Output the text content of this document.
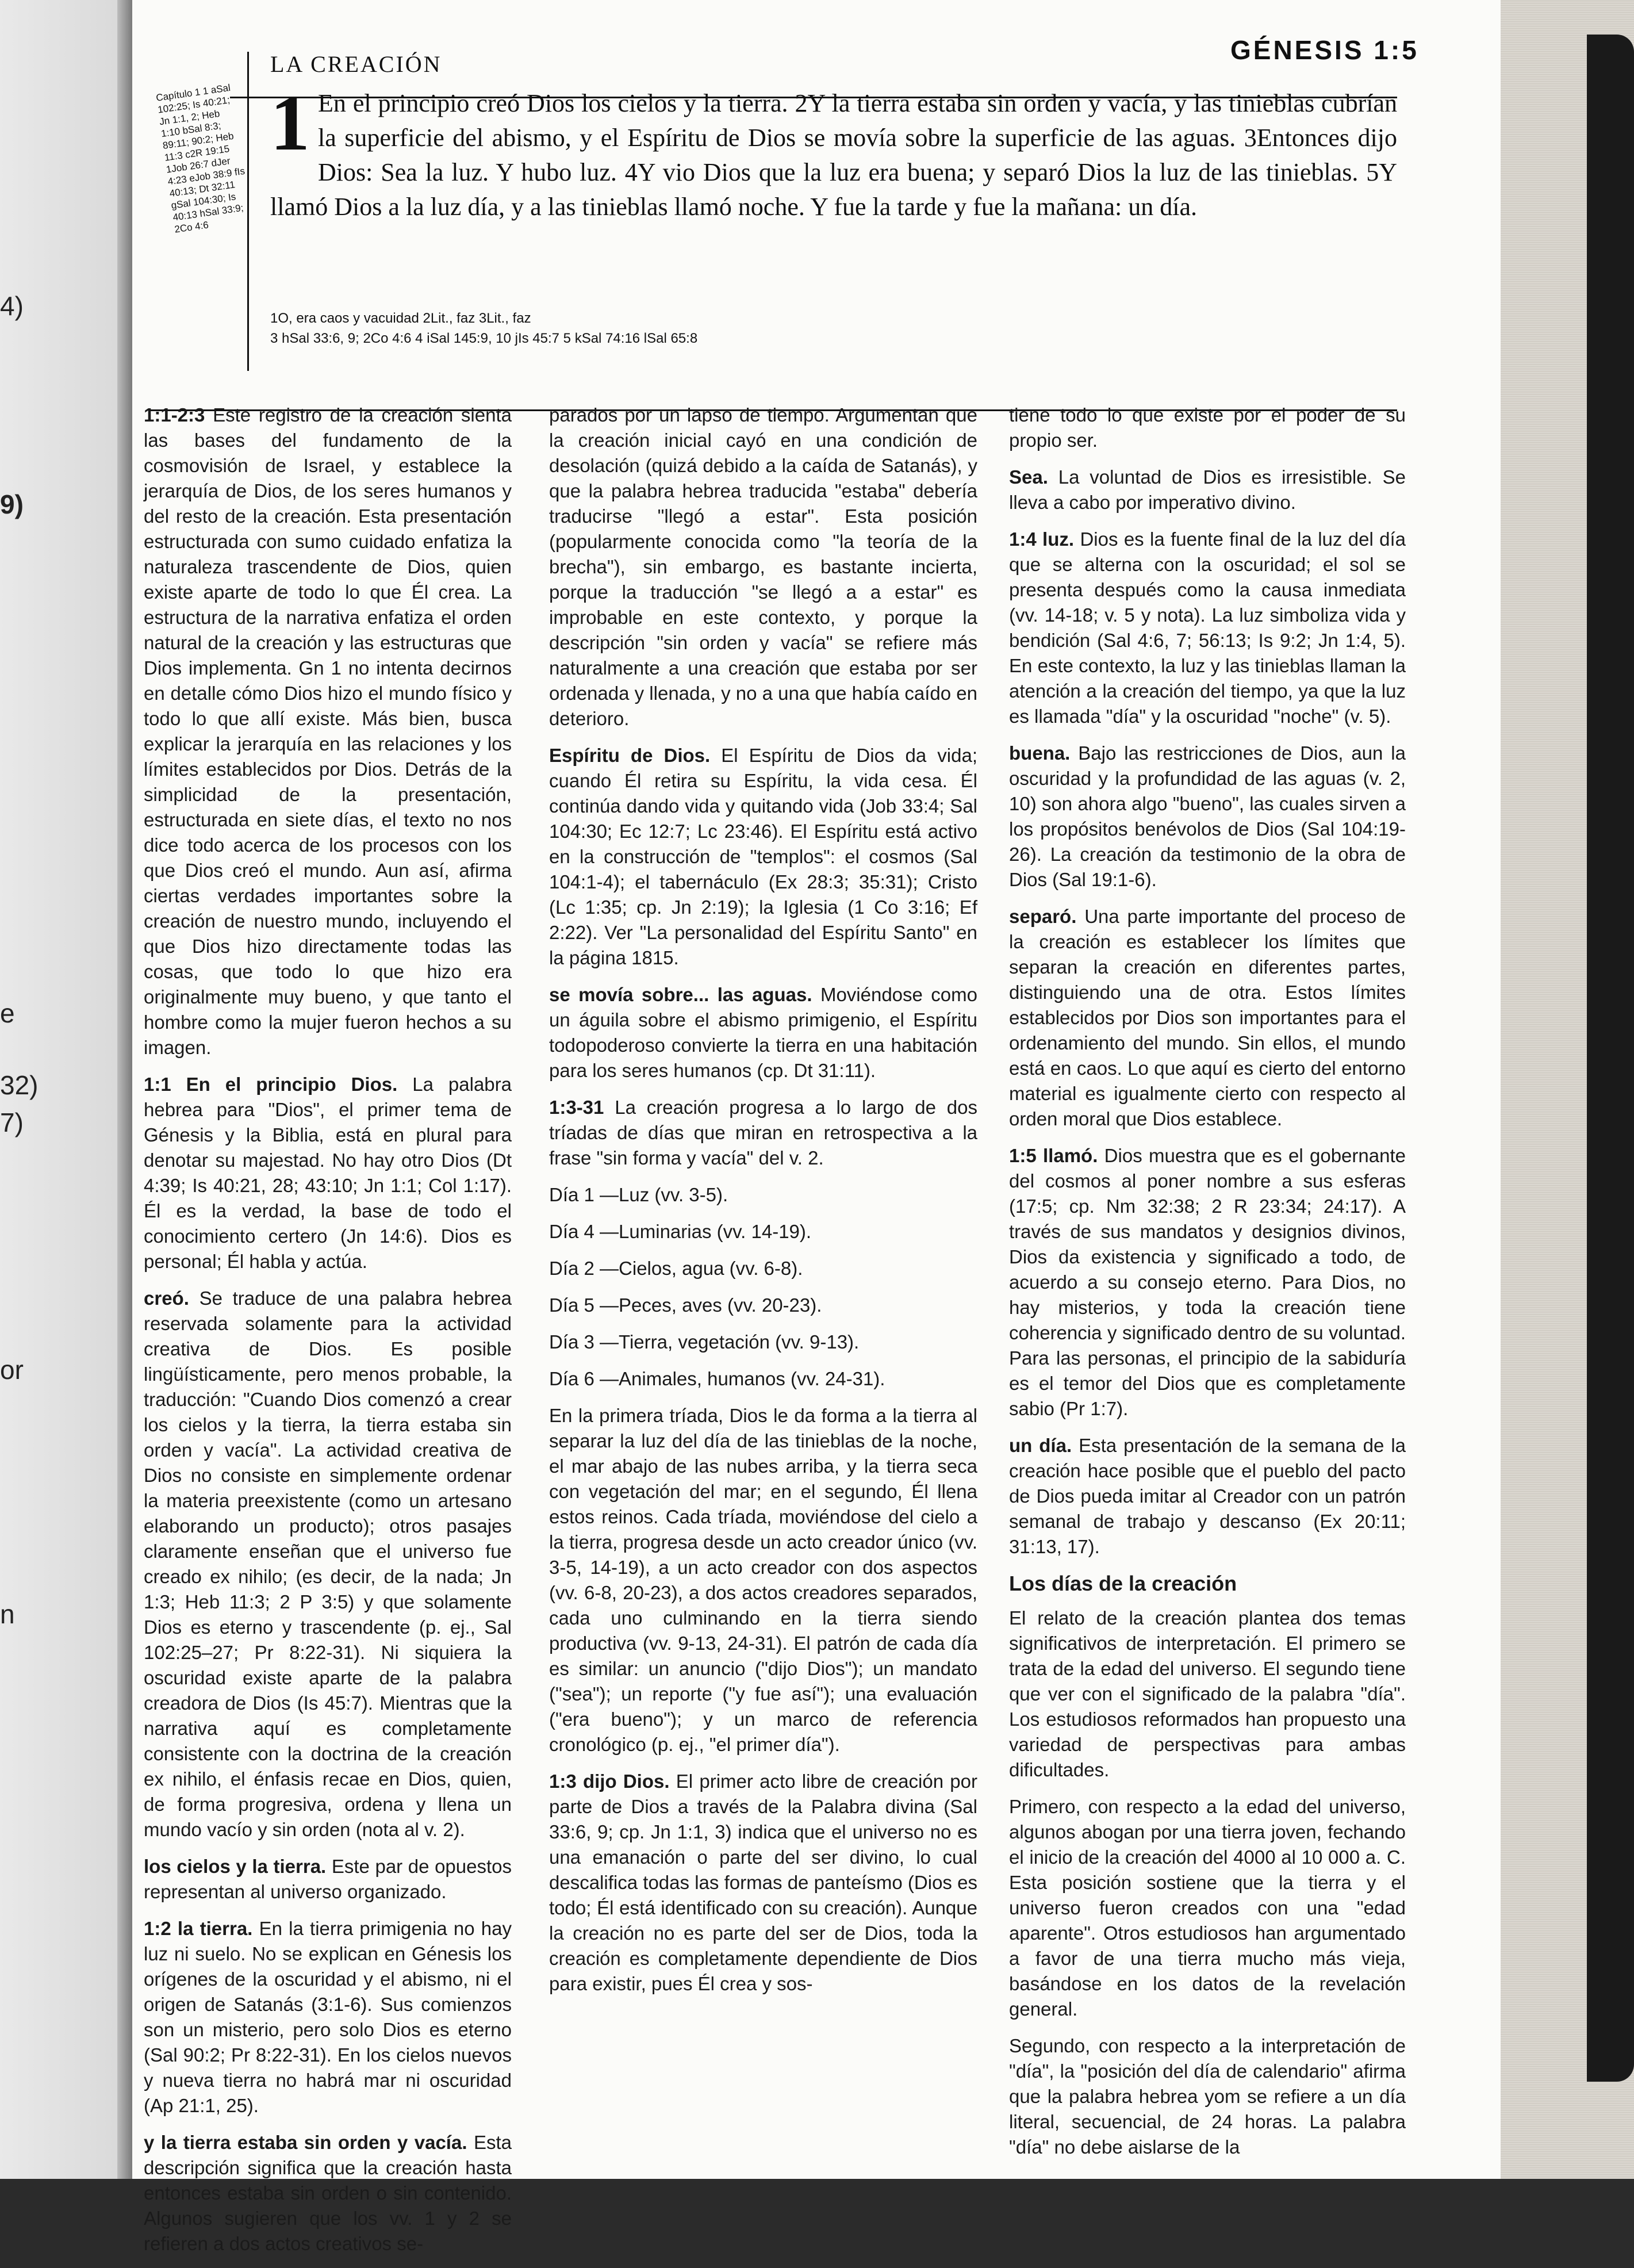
4)
9)
7)
32)
or
n
e
GÉNESIS 1:5
Capítulo 1 1 aSal 102:25; Is 40:21; Jn 1:1, 2; Heb 1:10 bSal 8:3; 89:11; 90:2; Heb 11:3 c2R 19:15 1Job 26:7 dJer 4:23 eJob 38:9 fIs 40:13; Dt 32:11 gSal 104:30; Is 40:13 hSal 33:9; 2Co 4:6
LA CREACIÓN
1 En el principio creó Dios los cielos y la tierra. 2Y la tierra estaba sin orden y vacía, y las tinieblas cubrían la superficie del abismo, y el Espíritu de Dios se movía sobre la superficie de las aguas. 3Entonces dijo Dios: Sea la luz. Y hubo luz. 4Y vio Dios que la luz era buena; y separó Dios la luz de las tinieblas. 5Y llamó Dios a la luz día, y a las tinieblas llamó noche. Y fue la tarde y fue la mañana: un día.
1O, era caos y vacuidad 2Lit., faz 3Lit., faz
3 hSal 33:6, 9; 2Co 4:6 4 iSal 145:9, 10 jIs 45:7 5 kSal 74:16 lSal 65:8

1:1-2:3 Este registro de la creación sienta las bases del fundamento de la cosmovisión de Israel, y establece la jerarquía de Dios, de los seres humanos y del resto de la creación. Esta presentación estructurada con sumo cuidado enfatiza la naturaleza trascendente de Dios, quien existe aparte de todo lo que Él crea. La estructura de la narrativa enfatiza el orden natural de la creación y las estructuras que Dios implementa. Gn 1 no intenta decirnos en detalle cómo Dios hizo el mundo físico y todo lo que allí existe. Más bien, busca explicar la jerarquía en las relaciones y los límites establecidos por Dios. Detrás de la simplicidad de la presentación, estructurada en siete días, el texto no nos dice todo acerca de los procesos con los que Dios creó el mundo. Aun así, afirma ciertas verdades importantes sobre la creación de nuestro mundo, incluyendo el que Dios hizo directamente todas las cosas, que todo lo que hizo era originalmente muy bueno, y que tanto el hombre como la mujer fueron hechos a su imagen.

1:1 En el principio Dios. La palabra hebrea para "Dios", el primer tema de Génesis y la Biblia, está en plural para denotar su majestad. No hay otro Dios (Dt 4:39; Is 40:21, 28; 43:10; Jn 1:1; Col 1:17). Él es la verdad, la base de todo el conocimiento certero (Jn 14:6). Dios es personal; Él habla y actúa.

creó. Se traduce de una palabra hebrea reservada solamente para la actividad creativa de Dios. Es posible lingüísticamente, pero menos probable, la traducción: "Cuando Dios comenzó a crear los cielos y la tierra, la tierra estaba sin orden y vacía". La actividad creativa de Dios no consiste en simplemente ordenar la materia preexistente (como un artesano elaborando un producto); otros pasajes claramente enseñan que el universo fue creado ex nihilo; (es decir, de la nada; Jn 1:3; Heb 11:3; 2 P 3:5) y que solamente Dios es eterno y trascendente (p. ej., Sal 102:25–27; Pr 8:22-31). Ni siquiera la oscuridad existe aparte de la palabra creadora de Dios (Is 45:7). Mientras que la narrativa aquí es completamente consistente con la doctrina de la creación ex nihilo, el énfasis recae en Dios, quien, de forma progresiva, ordena y llena un mundo vacío y sin orden (nota al v. 2).

los cielos y la tierra. Este par de opuestos representan al universo organizado.

1:2 la tierra. En la tierra primigenia no hay luz ni suelo. No se explican en Génesis los orígenes de la oscuridad y el abismo, ni el origen de Satanás (3:1-6). Sus comienzos son un misterio, pero solo Dios es eterno (Sal 90:2; Pr 8:22-31). En los cielos nuevos y nueva tierra no habrá mar ni oscuridad (Ap 21:1, 25).

y la tierra estaba sin orden y vacía. Esta descripción significa que la creación hasta entonces estaba sin orden o sin contenido. Algunos sugieren que los vv. 1 y 2 se refieren a dos actos creativos se-

parados por un lapso de tiempo. Argumentan que la creación inicial cayó en una condición de desolación (quizá debido a la caída de Satanás), y que la palabra hebrea traducida "estaba" debería traducirse "llegó a estar". Esta posición (popularmente conocida como "la teoría de la brecha"), sin embargo, es bastante incierta, porque la traducción "se llegó a a estar" es improbable en este contexto, y porque la descripción "sin orden y vacía" se refiere más naturalmente a una creación que estaba por ser ordenada y llenada, y no a una que había caído en deterioro.

Espíritu de Dios. El Espíritu de Dios da vida; cuando Él retira su Espíritu, la vida cesa. Él continúa dando vida y quitando vida (Job 33:4; Sal 104:30; Ec 12:7; Lc 23:46). El Espíritu está activo en la construcción de "templos": el cosmos (Sal 104:1-4); el tabernáculo (Ex 28:3; 35:31); Cristo (Lc 1:35; cp. Jn 2:19); la Iglesia (1 Co 3:16; Ef 2:22). Ver "La personalidad del Espíritu Santo" en la página 1815.

se movía sobre... las aguas. Moviéndose como un águila sobre el abismo primigenio, el Espíritu todopoderoso convierte la tierra en una habitación para los seres humanos (cp. Dt 31:11).

1:3-31 La creación progresa a lo largo de dos tríadas de días que miran en retrospectiva a la frase "sin forma y vacía" del v. 2.

Día 1 —Luz (vv. 3-5).

Día 4 —Luminarias (vv. 14-19).

Día 2 —Cielos, agua (vv. 6-8).

Día 5 —Peces, aves (vv. 20-23).

Día 3 —Tierra, vegetación (vv. 9-13).

Día 6 —Animales, humanos (vv. 24-31).

En la primera tríada, Dios le da forma a la tierra al separar la luz del día de las tinieblas de la noche, el mar abajo de las nubes arriba, y la tierra seca con vegetación del mar; en el segundo, Él llena estos reinos. Cada tríada, moviéndose del cielo a la tierra, progresa desde un acto creador único (vv. 3-5, 14-19), a un acto creador con dos aspectos (vv. 6-8, 20-23), a dos actos creadores separados, cada uno culminando en la tierra siendo productiva (vv. 9-13, 24-31). El patrón de cada día es similar: un anuncio ("dijo Dios"); un mandato ("sea"); un reporte ("y fue así"); una evaluación ("era bueno"); y un marco de referencia cronológico (p. ej., "el primer día").

1:3 dijo Dios. El primer acto libre de creación por parte de Dios a través de la Palabra divina (Sal 33:6, 9; cp. Jn 1:1, 3) indica que el universo no es una emanación o parte del ser divino, lo cual descalifica todas las formas de panteísmo (Dios es todo; Él está identificado con su creación). Aunque la creación no es parte del ser de Dios, toda la creación es completamente dependiente de Dios para existir, pues Él crea y sos-

tiene todo lo que existe por el poder de su propio ser.

Sea. La voluntad de Dios es irresistible. Se lleva a cabo por imperativo divino.

1:4 luz. Dios es la fuente final de la luz del día que se alterna con la oscuridad; el sol se presenta después como la causa inmediata (vv. 14-18; v. 5 y nota). La luz simboliza vida y bendición (Sal 4:6, 7; 56:13; Is 9:2; Jn 1:4, 5). En este contexto, la luz y las tinieblas llaman la atención a la creación del tiempo, ya que la luz es llamada "día" y la oscuridad "noche" (v. 5).

buena. Bajo las restricciones de Dios, aun la oscuridad y la profundidad de las aguas (v. 2, 10) son ahora algo "bueno", las cuales sirven a los propósitos benévolos de Dios (Sal 104:19-26). La creación da testimonio de la obra de Dios (Sal 19:1-6).

separó. Una parte importante del proceso de la creación es establecer los límites que separan la creación en diferentes partes, distinguiendo una de otra. Estos límites establecidos por Dios son importantes para el ordenamiento del mundo. Sin ellos, el mundo está en caos. Lo que aquí es cierto del entorno material es igualmente cierto con respecto al orden moral que Dios establece.

1:5 llamó. Dios muestra que es el gobernante del cosmos al poner nombre a sus esferas (17:5; cp. Nm 32:38; 2 R 23:34; 24:17). A través de sus mandatos y designios divinos, Dios da existencia y significado a todo, de acuerdo a su consejo eterno. Para Dios, no hay misterios, y toda la creación tiene coherencia y significado dentro de su voluntad. Para las personas, el principio de la sabiduría es el temor del Dios que es completamente sabio (Pr 1:7).

un día. Esta presentación de la semana de la creación hace posible que el pueblo del pacto de Dios pueda imitar al Creador con un patrón semanal de trabajo y descanso (Ex 20:11; 31:13, 17).

Los días de la creación

El relato de la creación plantea dos temas significativos de interpretación. El primero se trata de la edad del universo. El segundo tiene que ver con el significado de la palabra "día". Los estudiosos reformados han propuesto una variedad de perspectivas para ambas dificultades.

Primero, con respecto a la edad del universo, algunos abogan por una tierra joven, fechando el inicio de la creación del 4000 al 10 000 a. C. Esta posición sostiene que la tierra y el universo fueron creados con una "edad aparente". Otros estudiosos han argumentado a favor de una tierra mucho más vieja, basándose en los datos de la revelación general.

Segundo, con respecto a la interpretación de "día", la "posición del día de calendario" afirma que la palabra hebrea yom se refiere a un día literal, secuencial, de 24 horas. La palabra "día" no debe aislarse de la
